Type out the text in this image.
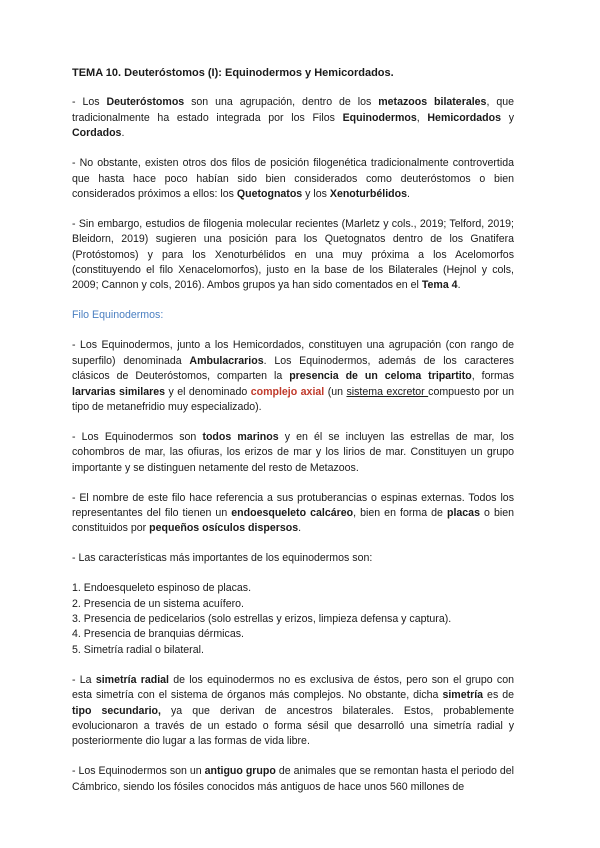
TEMA 10. Deuteróstomos (I): Equinodermos y Hemicordados.

- Los Deuteróstomos son una agrupación, dentro de los metazoos bilaterales, que tradicionalmente ha estado integrada por los Filos Equinodermos, Hemicordados y Cordados.

- No obstante, existen otros dos filos de posición filogenética tradicionalmente controvertida que hasta hace poco habían sido bien considerados como deuteróstomos o bien considerados próximos a ellos: los Quetognatos y los Xenoturbélidos.

- Sin embargo, estudios de filogenia molecular recientes (Marletz y cols., 2019; Telford, 2019; Bleidorn, 2019) sugieren una posición para los Quetognatos dentro de los Gnatifera (Protóstomos) y para los Xenoturbélidos en una muy próxima a los Acelomorfos (constituyendo el filo Xenacelomorfos), justo en la base de los Bilaterales (Hejnol y cols, 2009; Cannon y cols, 2016). Ambos grupos ya han sido comentados en el Tema 4.

Filo Equinodermos:

- Los Equinodermos, junto a los Hemicordados, constituyen una agrupación (con rango de superfilo) denominada Ambulacrarios. Los Equinodermos, además de los caracteres clásicos de Deuteróstomos, comparten la presencia de un celoma tripartito, formas larvarias similares y el denominado complejo axial (un sistema excretor compuesto por un tipo de metanefridio muy especializado).

- Los Equinodermos son todos marinos y en él se incluyen las estrellas de mar, los cohombros de mar, las ofiuras, los erizos de mar y los lirios de mar. Constituyen un grupo importante y se distinguen netamente del resto de Metazoos.

- El nombre de este filo hace referencia a sus protuberancias o espinas externas. Todos los representantes del filo tienen un endoesqueleto calcáreo, bien en forma de placas o bien constituidos por pequeños osículos dispersos.

- Las características más importantes de los equinodermos son:

1. Endoesqueleto espinoso de placas.
2. Presencia de un sistema acuífero.
3. Presencia de pedicelarios (solo estrellas y erizos, limpieza defensa y captura).
4. Presencia de branquias dérmicas.
5. Simetría radial o bilateral.

- La simetría radial de los equinodermos no es exclusiva de éstos, pero son el grupo con esta simetría con el sistema de órganos más complejos. No obstante, dicha simetría es de tipo secundario, ya que derivan de ancestros bilaterales. Estos, probablemente evolucionaron a través de un estado o forma sésil que desarrolló una simetría radial y posteriormente dio lugar a las formas de vida libre.

- Los Equinodermos son un antiguo grupo de animales que se remontan hasta el periodo del Cámbrico, siendo los fósiles conocidos más antiguos de hace unos 560 millones de
